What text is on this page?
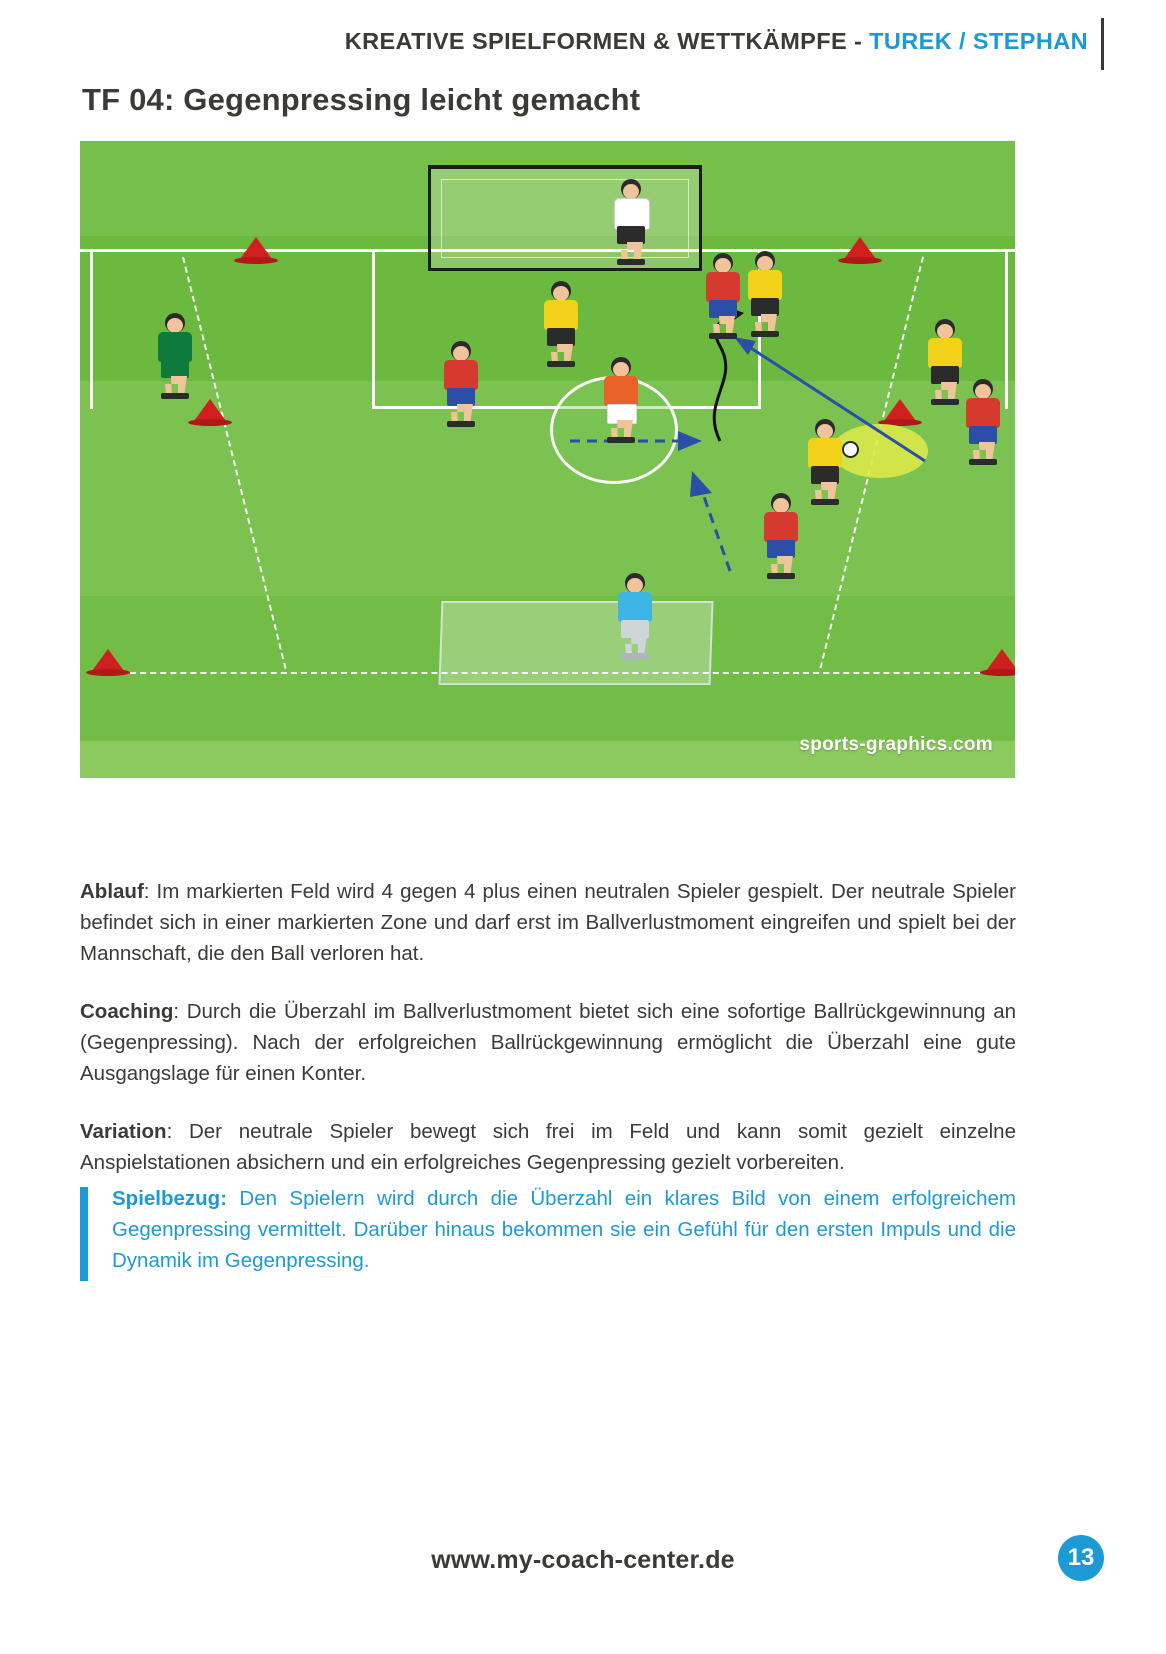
KREATIVE SPIELFORMEN & WETTKÄMPFE - TUREK / STEPHAN
TF 04: Gegenpressing leicht gemacht
sports-graphics.com

Ablauf: Im markierten Feld wird 4 gegen 4 plus einen neutralen Spieler gespielt. Der neutrale Spieler befindet sich in einer markierten Zone und darf erst im Ballverlustmoment eingreifen und spielt bei der Mannschaft, die den Ball verloren hat.

Coaching: Durch die Überzahl im Ballverlustmoment bietet sich eine sofortige Ballrückgewinnung an (Gegenpressing). Nach der erfolgreichen Ballrückgewinnung ermöglicht die Überzahl eine gute Ausgangslage für einen Konter.

Variation: Der neutrale Spieler bewegt sich frei im Feld und kann somit gezielt einzelne Anspielstationen absichern und ein erfolgreiches Gegenpressing gezielt vorbereiten.

Spielbezug: Den Spielern wird durch die Überzahl ein klares Bild von einem erfolgreichem Gegenpressing vermittelt. Darüber hinaus bekommen sie ein Gefühl für den ersten Impuls und die Dynamik im Gegenpressing.
www.my-coach-center.de	13
